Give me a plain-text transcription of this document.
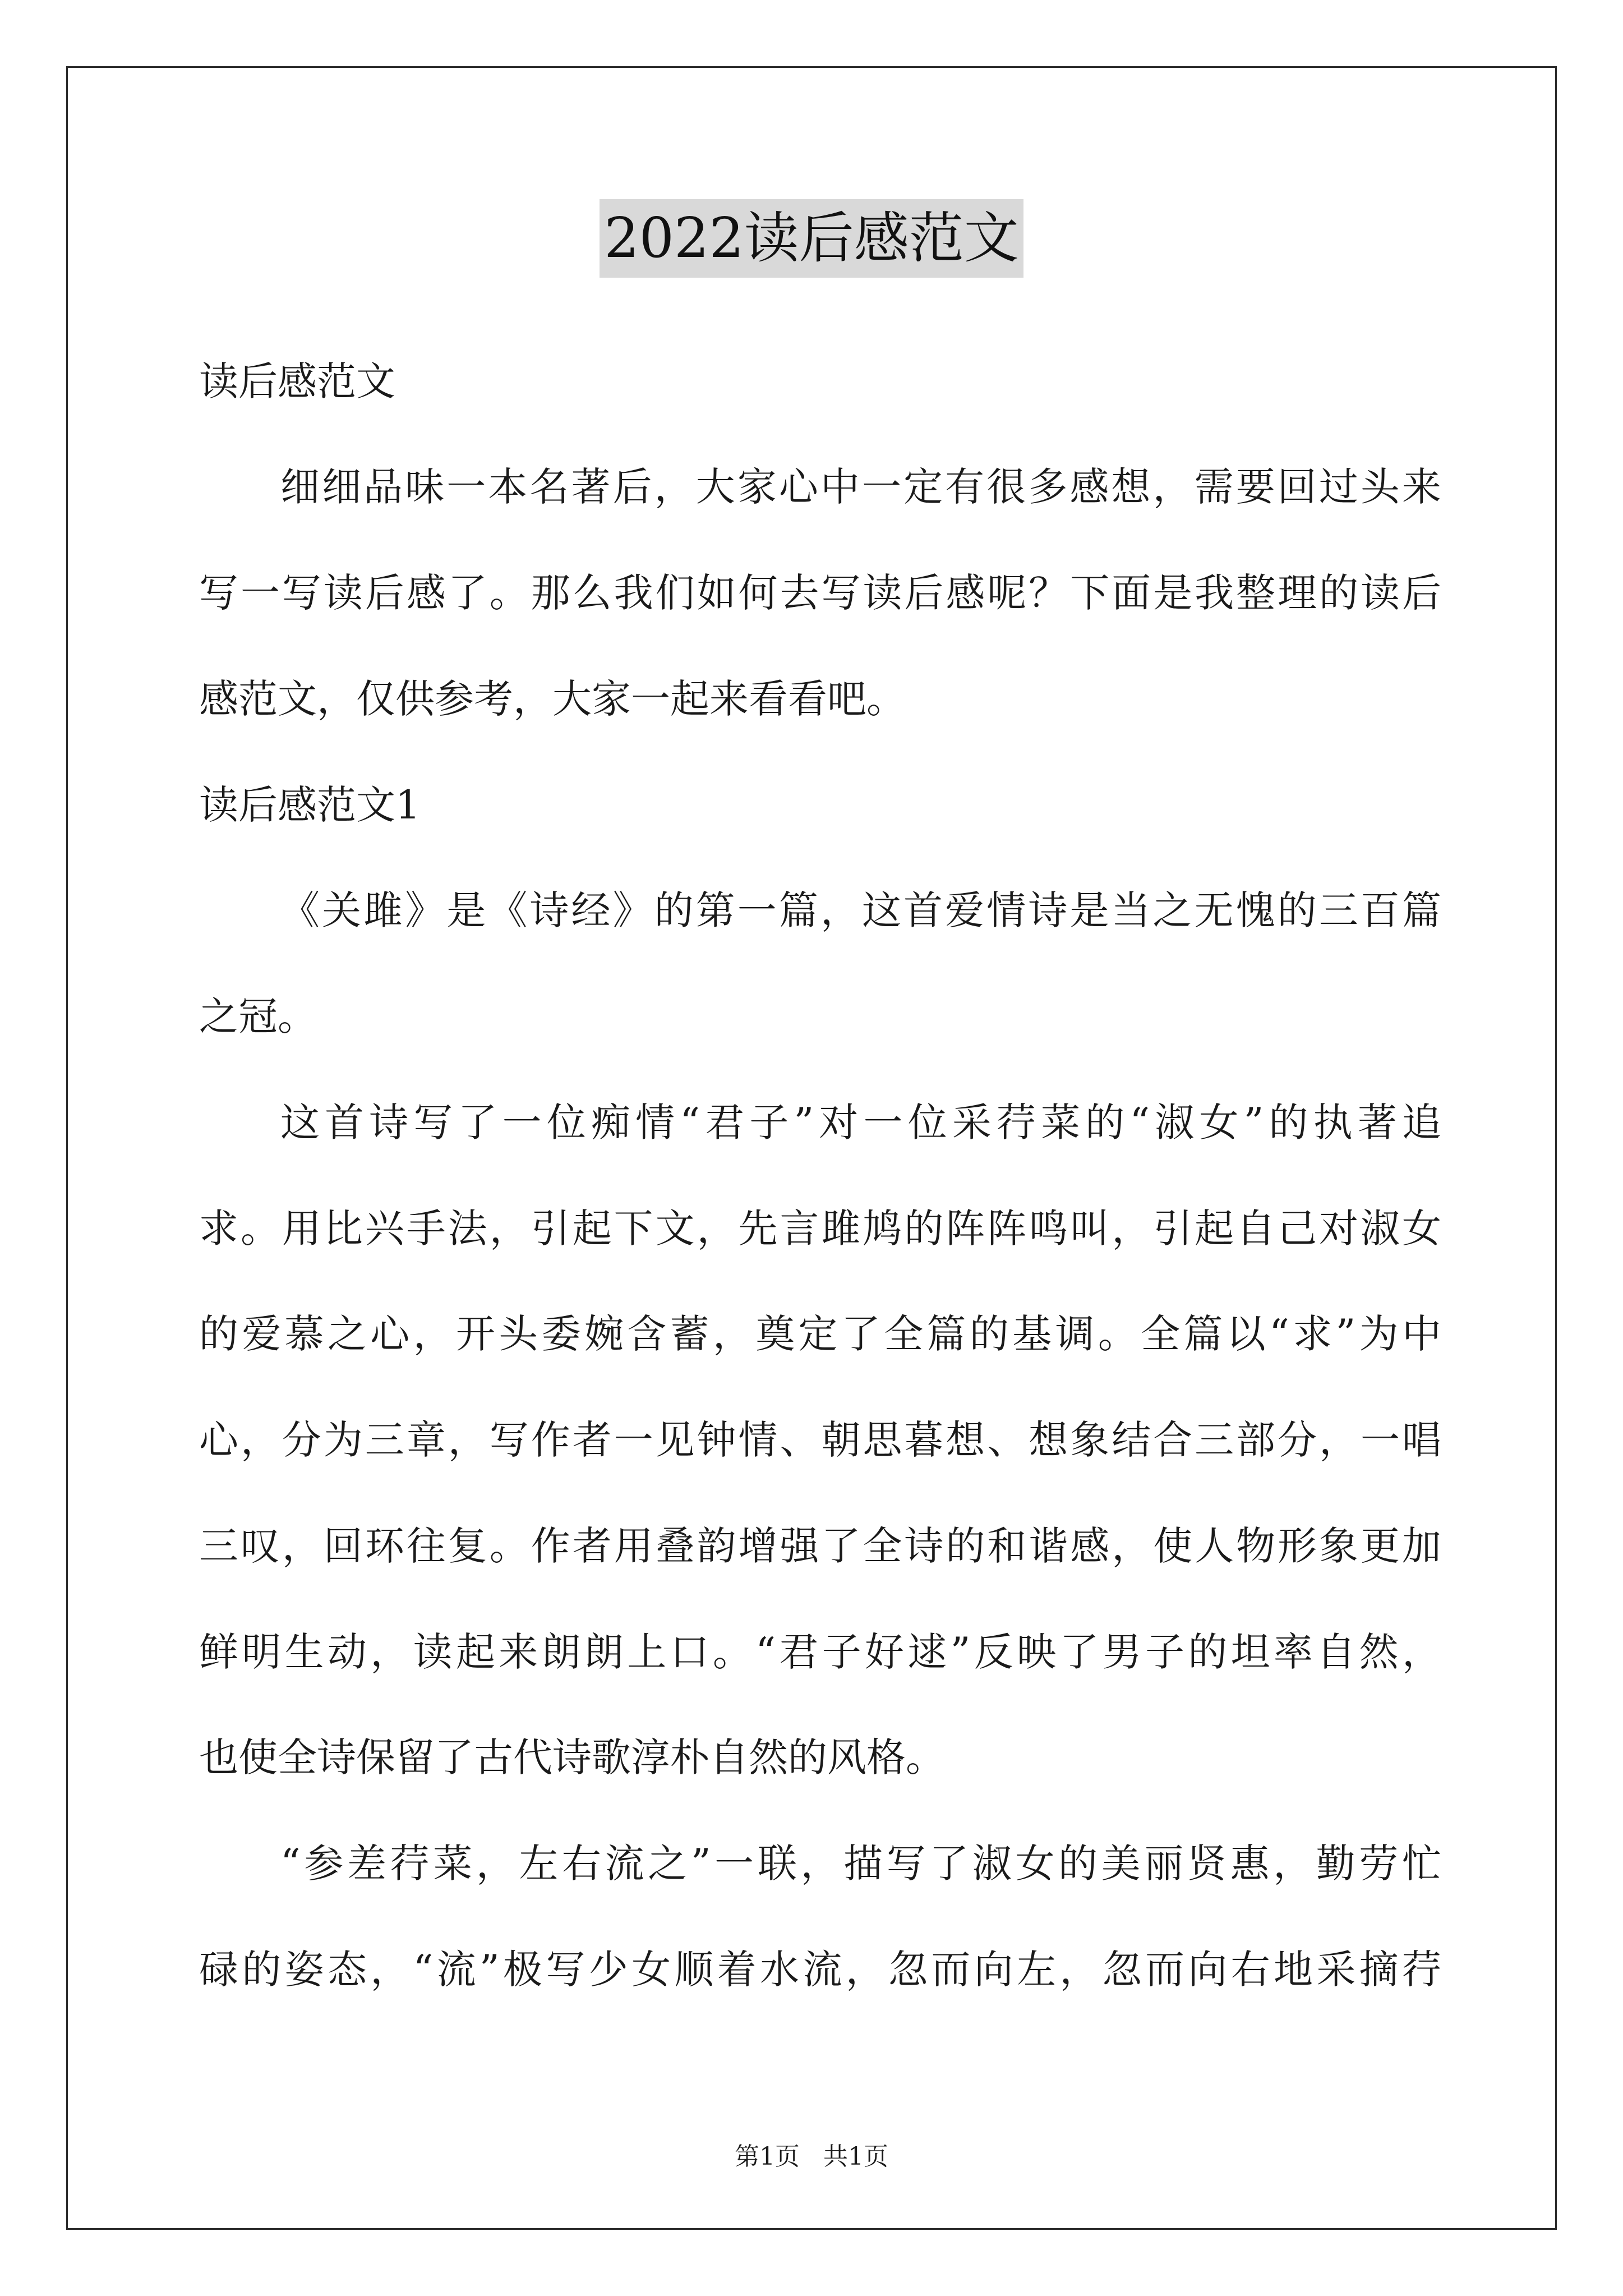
2022读后感范文
读后感范文
细细品味一本名著后，大家心中一定有很多感想，需要回过头来
写一写读后感了。那么我们如何去写读后感呢？下面是我整理的读后
感范文，仅供参考，大家一起来看看吧。
读后感范文1
《关雎》是《诗经》的第一篇，这首爱情诗是当之无愧的三百篇
之冠。
这首诗写了一位痴情“君子”对一位采荇菜的“淑女”的执著追
求。用比兴手法，引起下文，先言雎鸠的阵阵鸣叫，引起自己对淑女
的爱慕之心，开头委婉含蓄，奠定了全篇的基调。全篇以“求”为中
心，分为三章，写作者一见钟情、朝思暮想、想象结合三部分，一唱
三叹，回环往复。作者用叠韵增强了全诗的和谐感，使人物形象更加
鲜明生动，读起来朗朗上口。“君子好逑”反映了男子的坦率自然，
也使全诗保留了古代诗歌淳朴自然的风格。
“参差荇菜，左右流之”一联，描写了淑女的美丽贤惠，勤劳忙
碌的姿态，“流”极写少女顺着水流，忽而向左，忽而向右地采摘荇
第1页   共1页
